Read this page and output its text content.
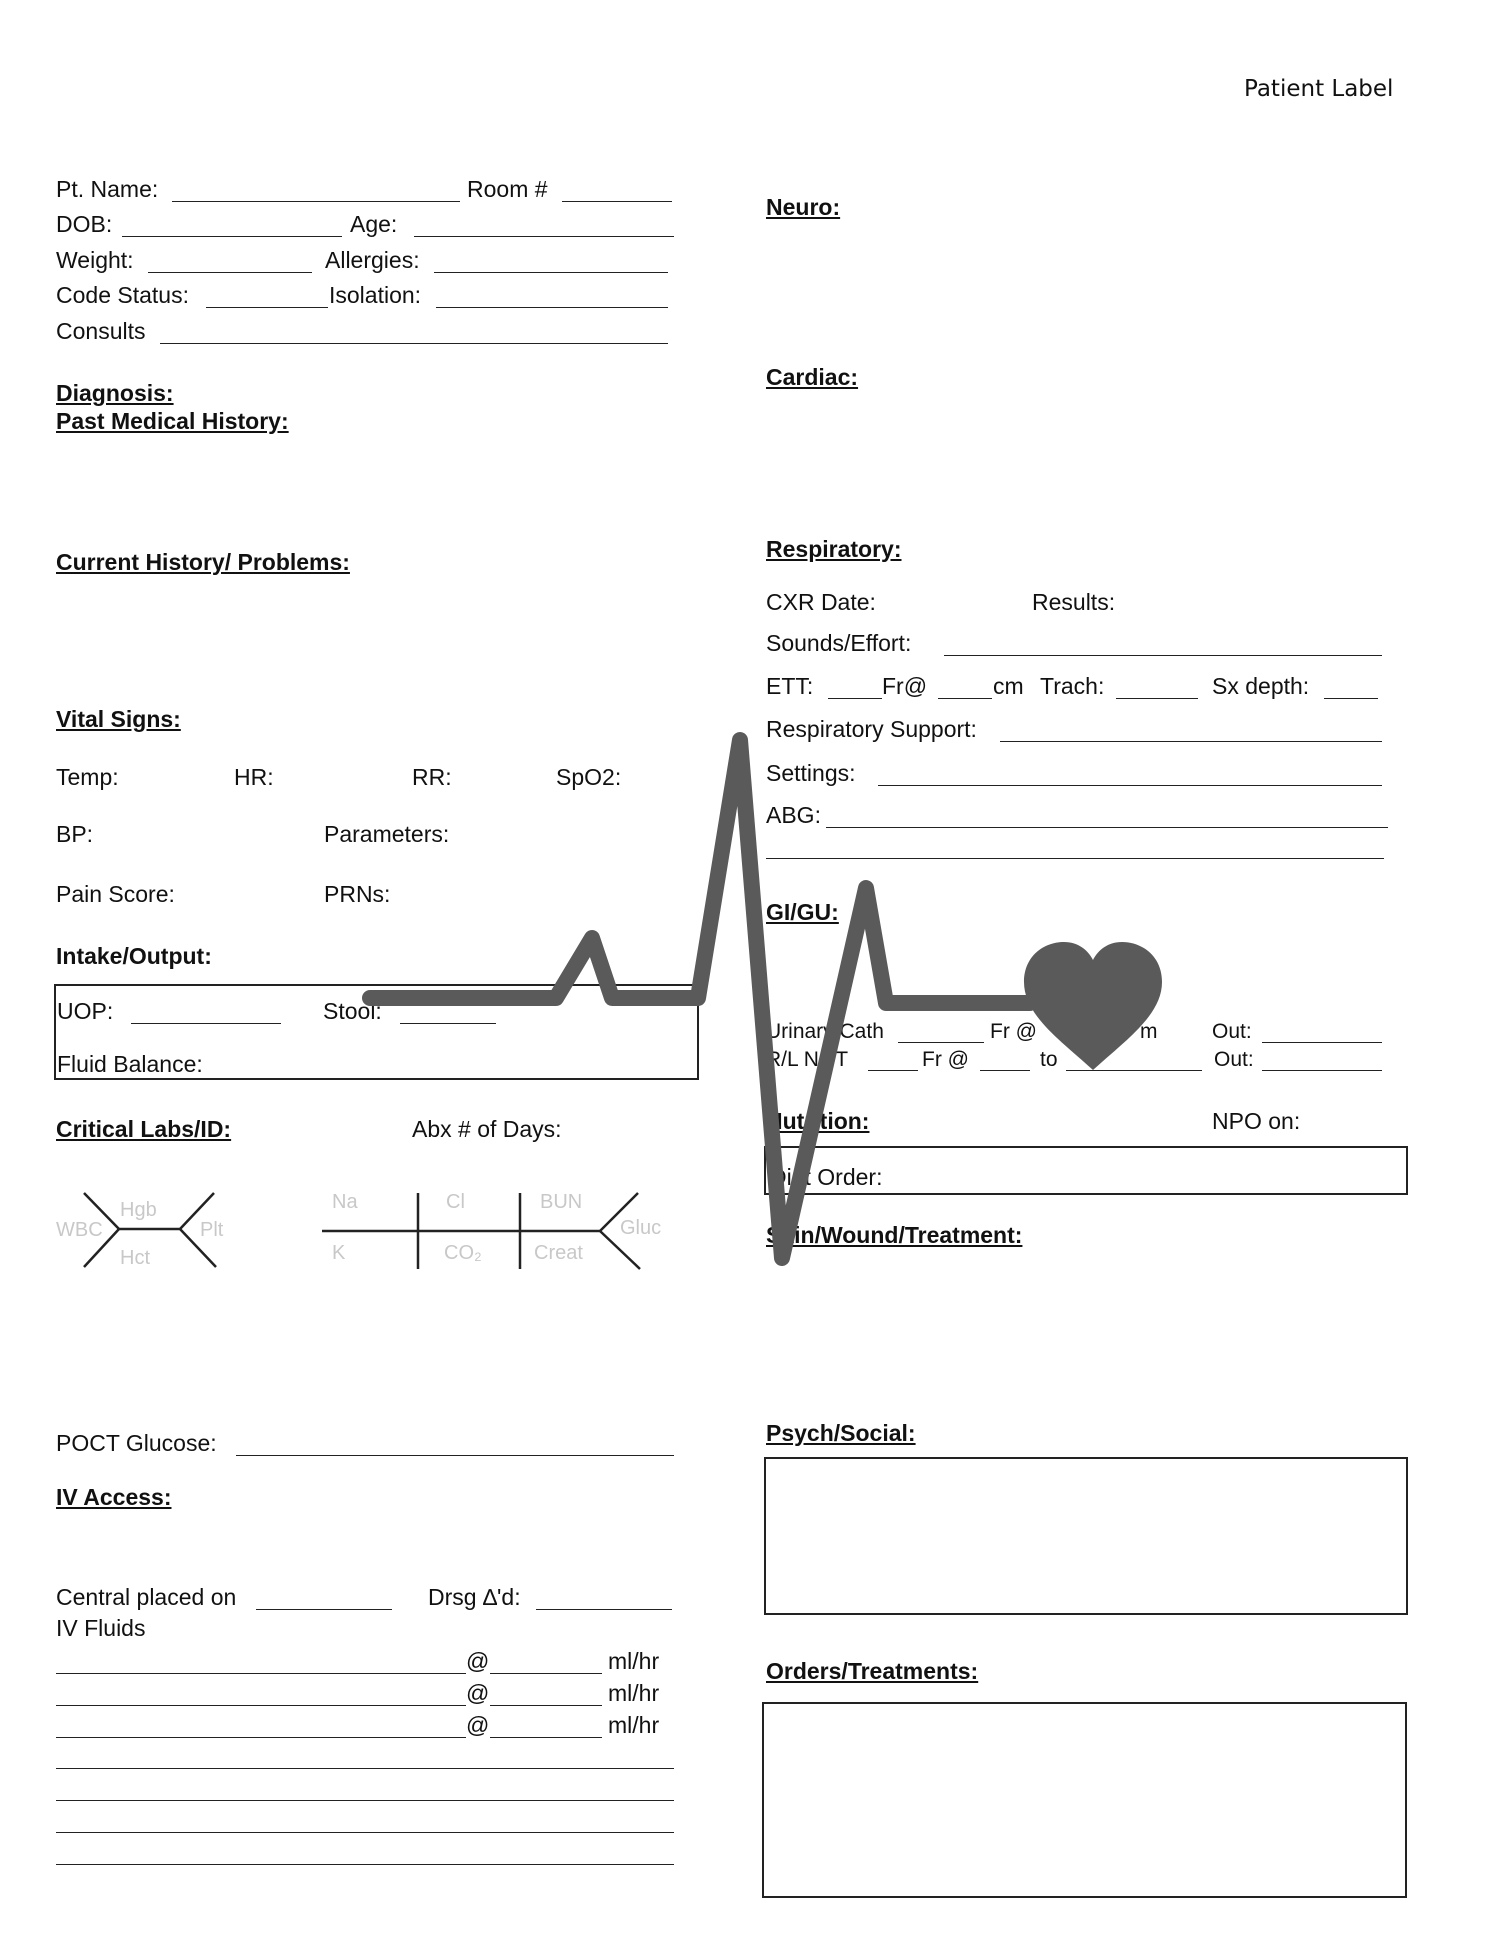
Patient Label
Pt. Name:	Room #
DOB:	Age:
Weight:	Allergies:
Code Status:	Isolation:
Consults
Diagnosis:
Past Medical History:
Current History/ Problems:
Vital Signs:
Temp:	HR:	RR:	SpO2:
BP:	Parameters:
Pain Score:	PRNs:
Intake/Output:
UOP:	Stool:
Fluid Balance:
Critical Labs/ID:	Abx # of Days:
Hgb
WBC	Plt
Hct
Na	Cl	BUN
K	CO₂	Creat
Gluc
POCT Glucose:
IV Access:
Central placed on	Drsg ∆'d:
IV Fluids
@	ml/hr
@	ml/hr
@	ml/hr
Neuro:
Cardiac:
Respiratory:
CXR Date:	Results:
Sounds/Effort:
ETT:	Fr@	cm Trach:	Sx depth:
Respiratory Support:
Settings:
ABG:
GI/GU:
Urinary Cath	Fr @	m	Out:
R/L NGT	Fr @	to	Out:
Nutrition:	NPO on:
Diet Order:
Skin/Wound/Treatment:
Psych/Social:
Orders/Treatments:
